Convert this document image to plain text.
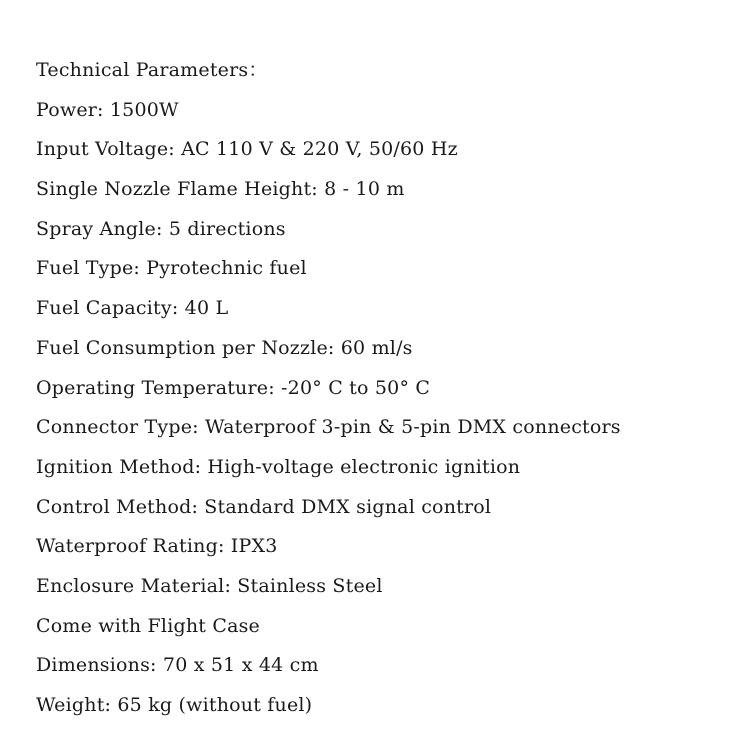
Technical Parameters：
Power: 1500W
Input Voltage: AC 110 V & 220 V, 50/60 Hz
Single Nozzle Flame Height: 8 - 10 m
Spray Angle: 5 directions
Fuel Type: Pyrotechnic fuel
Fuel Capacity: 40 L
Fuel Consumption per Nozzle: 60 ml/s
Operating Temperature: -20° C to 50° C
Connector Type: Waterproof 3-pin & 5-pin DMX connectors
Ignition Method: High-voltage electronic ignition
Control Method: Standard DMX signal control
Waterproof Rating: IPX3
Enclosure Material: Stainless Steel
Come with Flight Case
Dimensions: 70 x 51 x 44 cm
Weight: 65 kg (without fuel)
